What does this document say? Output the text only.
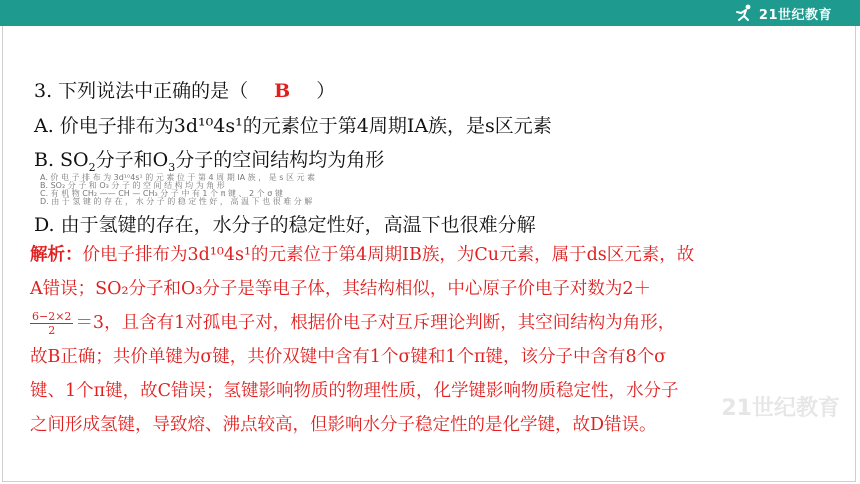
21世纪教育
3. 下列说法中正确的是（ B ）
A. 价电子排布为3d¹⁰4s¹的元素位于第4周期ⅠA族，是s区元素
B. $SO_2$分子和$O_3$分子的空间结构均为角形
A. 价 电 子 排 布 为 3d¹⁰4s¹ 的 元 素 位 于 第 4 周 期 IA 族 ， 是 s 区 元 素
B. SO₂ 分 子 和 O₃ 分 子 的 空 间 结 构 均 为 角 形
C. 有 机 物 CH₂ —— CH — CH₃ 分 子 中 有 1 个 π 键 、 2 个 σ 键
D. 由 于 氢 键 的 存 在 ， 水 分 子 的 稳 定 性 好 ， 高 温 下 也 很 难 分 解
D. 由于氢键的存在，水分子的稳定性好，高温下也很难分解
21世纪教育
解析：价电子排布为3d¹⁰4s¹的元素位于第4周期IB族，为Cu元素，属于ds区元素，故
A错误；SO₂分子和O₃分子是等电子体，其结构相似，中心原子价电子对数为2＋
$\frac{6-2\times 2}{2} =3$，且含有1对孤电子对，根据价电子对互斥理论判断，其空间结构为角形，
故B正确；共价单键为σ键，共价双键中含有1个σ键和1个π键，该分子中含有8个σ
键、1个π键，故C错误；氢键影响物质的物理性质，化学键影响物质稳定性，水分子
之间形成氢键，导致熔、沸点较高，但影响水分子稳定性的是化学键，故D错误。
